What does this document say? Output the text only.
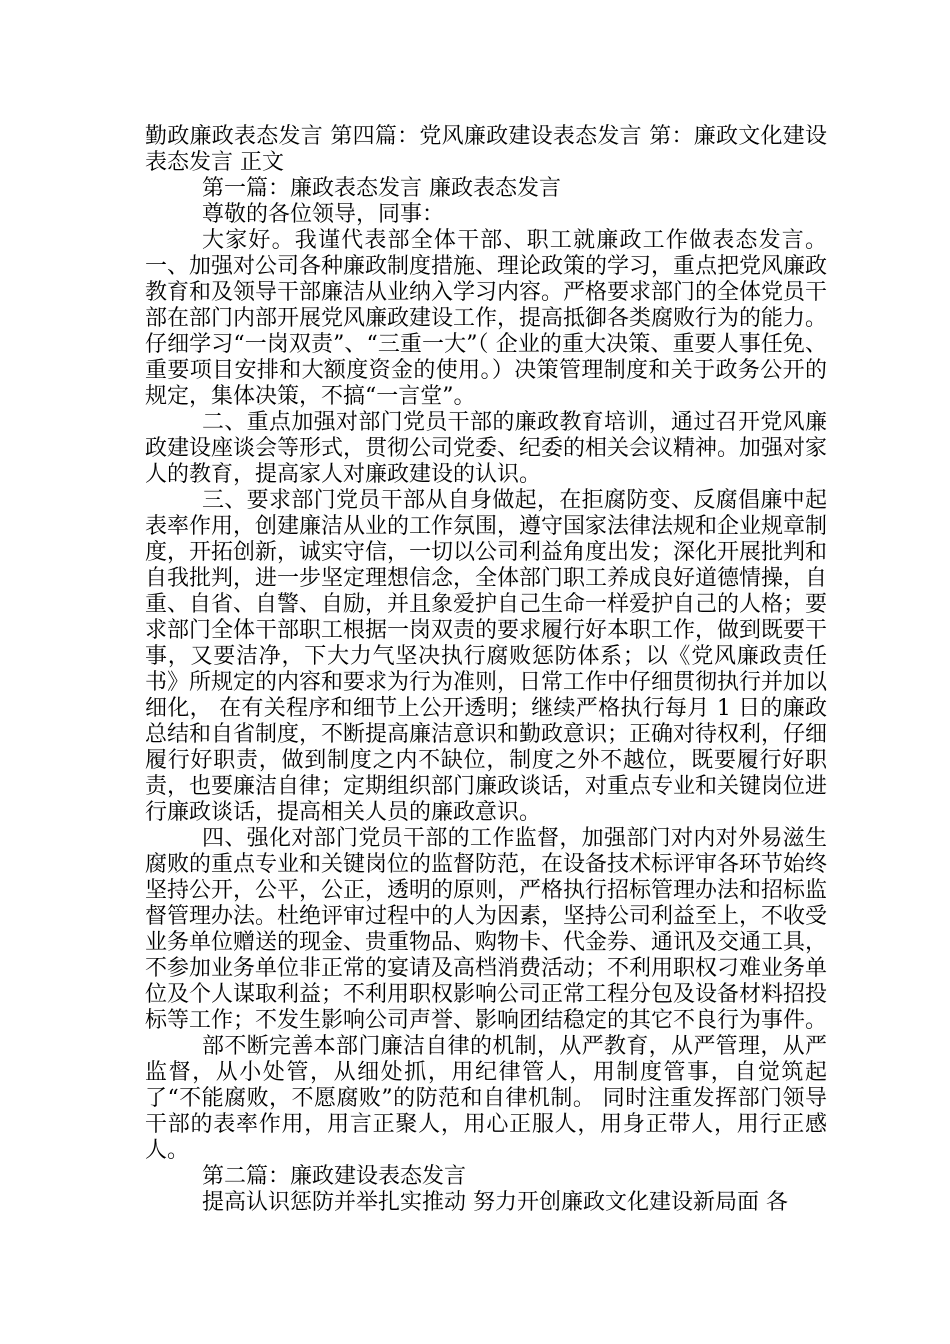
勤政廉政表态发言 第四篇：党风廉政建设表态发言 第：廉政文化建设表态发言 正文

第一篇：廉政表态发言 廉政表态发言

尊敬的各位领导，同事：

大家好。我谨代表部全体干部、职工就廉政工作做表态发言。一、加强对公司各种廉政制度措施、理论政策的学习，重点把党风廉政教育和及领导干部廉洁从业纳入学习内容。严格要求部门的全体党员干部在部门内部开展党风廉政建设工作，提高抵御各类腐败行为的能力。仔细学习“一岗双责”、“三重一大”（ 企业的重大决策、重要人事任免、重要项目安排和大额度资金的使用。）决策管理制度和关于政务公开的规定，集体决策，不搞“一言堂”。

二、重点加强对部门党员干部的廉政教育培训，通过召开党风廉政建设座谈会等形式，贯彻公司党委、纪委的相关会议精神。加强对家人的教育，提高家人对廉政建设的认识。

三、要求部门党员干部从自身做起，在拒腐防变、反腐倡廉中起表率作用，创建廉洁从业的工作氛围，遵守国家法律法规和企业规章制度，开拓创新，诚实守信，一切以公司利益角度出发；深化开展批判和自我批判，进一步坚定理想信念，全体部门职工养成良好道德情操，自重、自省、自警、自励，并且象爱护自己生命一样爱护自己的人格；要求部门全体干部职工根据一岗双责的要求履行好本职工作，做到既要干事，又要洁净，下大力气坚决执行腐败惩防体系；以《党风廉政责任书》所规定的内容和要求为行为准则，日常工作中仔细贯彻执行并加以细化， 在有关程序和细节上公开透明；继续严格执行每月 1 日的廉政总结和自省制度，不断提高廉洁意识和勤政意识；正确对待权利，仔细履行好职责，做到制度之内不缺位，制度之外不越位，既要履行好职责，也要廉洁自律；定期组织部门廉政谈话，对重点专业和关键岗位进行廉政谈话，提高相关人员的廉政意识。

四、强化对部门党员干部的工作监督，加强部门对内对外易滋生腐败的重点专业和关键岗位的监督防范，在设备技术标评审各环节始终坚持公开，公平，公正，透明的原则，严格执行招标管理办法和招标监督管理办法。杜绝评审过程中的人为因素，坚持公司利益至上，不收受业务单位赠送的现金、贵重物品、购物卡、代金券、通讯及交通工具，不参加业务单位非正常的宴请及高档消费活动；不利用职权刁难业务单位及个人谋取利益；不利用职权影响公司正常工程分包及设备材料招投标等工作；不发生影响公司声誉、影响团结稳定的其它不良行为事件。

部不断完善本部门廉洁自律的机制，从严教育，从严管理，从严监督，从小处管，从细处抓，用纪律管人，用制度管事，自觉筑起了“不能腐败，不愿腐败”的防范和自律机制。 同时注重发挥部门领导干部的表率作用，用言正聚人，用心正服人，用身正带人，用行正感人。

第二篇：廉政建设表态发言

提高认识惩防并举扎实推动 努力开创廉政文化建设新局面 各
